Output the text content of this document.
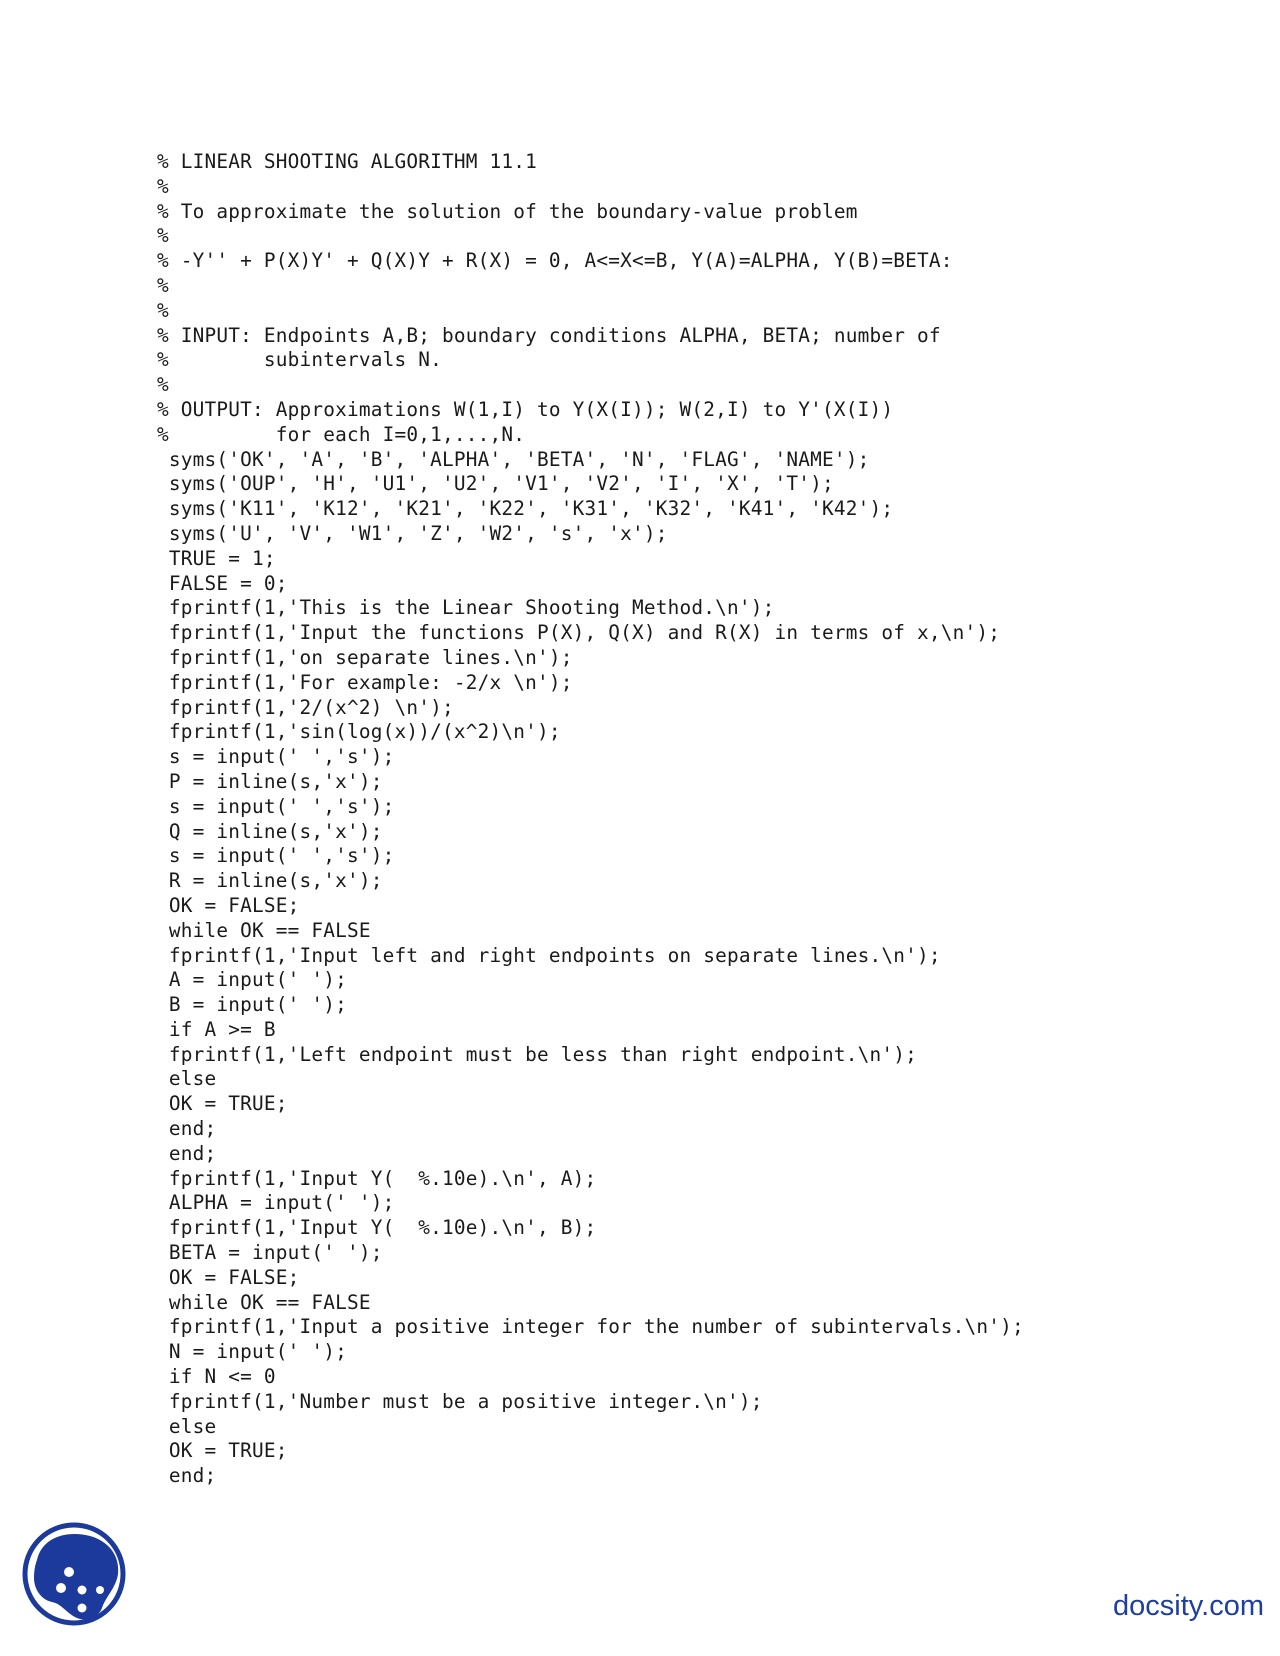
% LINEAR SHOOTING ALGORITHM 11.1
%
% To approximate the solution of the boundary-value problem
%
% -Y'' + P(X)Y' + Q(X)Y + R(X) = 0, A<=X<=B, Y(A)=ALPHA, Y(B)=BETA:
%
%
% INPUT: Endpoints A,B; boundary conditions ALPHA, BETA; number of
%        subintervals N.
%
% OUTPUT: Approximations W(1,I) to Y(X(I)); W(2,I) to Y'(X(I))
%         for each I=0,1,...,N.
syms('OK', 'A', 'B', 'ALPHA', 'BETA', 'N', 'FLAG', 'NAME');
syms('OUP', 'H', 'U1', 'U2', 'V1', 'V2', 'I', 'X', 'T');
syms('K11', 'K12', 'K21', 'K22', 'K31', 'K32', 'K41', 'K42');
syms('U', 'V', 'W1', 'Z', 'W2', 's', 'x');
TRUE = 1;
FALSE = 0;
fprintf(1,'This is the Linear Shooting Method.\n');
fprintf(1,'Input the functions P(X), Q(X) and R(X) in terms of x,\n');
fprintf(1,'on separate lines.\n');
fprintf(1,'For example: -2/x \n');
fprintf(1,'2/(x^2) \n');
fprintf(1,'sin(log(x))/(x^2)\n');
s = input(' ','s');
P = inline(s,'x');
s = input(' ','s');
Q = inline(s,'x');
s = input(' ','s');
R = inline(s,'x');
OK = FALSE;
while OK == FALSE
fprintf(1,'Input left and right endpoints on separate lines.\n');
A = input(' ');
B = input(' ');
if A >= B
fprintf(1,'Left endpoint must be less than right endpoint.\n');
else
OK = TRUE;
end;
end;
fprintf(1,'Input Y(  %.10e).\n', A);
ALPHA = input(' ');
fprintf(1,'Input Y(  %.10e).\n', B);
BETA = input(' ');
OK = FALSE;
while OK == FALSE
fprintf(1,'Input a positive integer for the number of subintervals.\n');
N = input(' ');
if N <= 0
fprintf(1,'Number must be a positive integer.\n');
else
OK = TRUE;
end;
docsity.com
